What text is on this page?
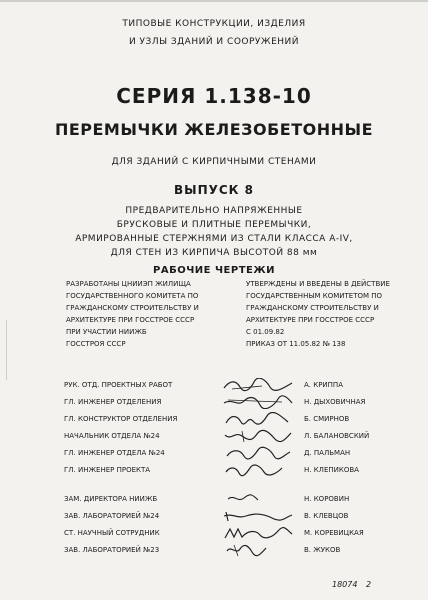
ТИПОВЫЕ КОНСТРУКЦИИ, ИЗДЕЛИЯ
И УЗЛЫ ЗДАНИЙ И СООРУЖЕНИЙ
СЕРИЯ 1.138-10
ПЕРЕМЫЧКИ ЖЕЛЕЗОБЕТОННЫЕ
ДЛЯ ЗДАНИЙ С КИРПИЧНЫМИ СТЕНАМИ
ВЫПУСК 8
ПРЕДВАРИТЕЛЬНО НАПРЯЖЕННЫЕ
БРУСКОВЫЕ И ПЛИТНЫЕ ПЕРЕМЫЧКИ,
АРМИРОВАННЫЕ СТЕРЖНЯМИ ИЗ СТАЛИ КЛАССА А-IV,
ДЛЯ СТЕН ИЗ КИРПИЧА ВЫСОТОЙ 88 мм
РАБОЧИЕ ЧЕРТЕЖИ
РАЗРАБОТАНЫ ЦНИИЭП ЖИЛИЩА
ГОСУДАРСТВЕННОГО КОМИТЕТА ПО
ГРАЖДАНСКОМУ СТРОИТЕЛЬСТВУ И
АРХИТЕКТУРЕ ПРИ ГОССТРОЕ СССР
ПРИ УЧАСТИИ НИИЖБ
ГОССТРОЯ СССР
УТВЕРЖДЕНЫ И ВВЕДЕНЫ В ДЕЙСТВИЕ
ГОСУДАРСТВЕННЫМ КОМИТЕТОМ ПО
ГРАЖДАНСКОМУ СТРОИТЕЛЬСТВУ И
АРХИТЕКТУРЕ ПРИ ГОССТРОЕ СССР
С 01.09.82
ПРИКАЗ ОТ 11.05.82 № 138
РУК. ОТД. ПРОЕКТНЫХ РАБОТ	А. КРИППА
ГЛ. ИНЖЕНЕР ОТДЕЛЕНИЯ	Н. ДЫХОВИЧНАЯ
ГЛ. КОНСТРУКТОР ОТДЕЛЕНИЯ	Б. СМИРНОВ
НАЧАЛЬНИК ОТДЕЛА №24	Л. БАЛАНОВСКИЙ
ГЛ. ИНЖЕНЕР ОТДЕЛА №24	Д. ПАЛЬМАН
ГЛ. ИНЖЕНЕР ПРОЕКТА	Н. КЛЕПИКОВА
ЗАМ. ДИРЕКТОРА НИИЖБ	Н. КОРОВИН
ЗАВ. ЛАБОРАТОРИЕЙ №24	В. КЛЕВЦОВ
СТ. НАУЧНЫЙ СОТРУДНИК	М. КОРЕВИЦКАЯ
ЗАВ. ЛАБОРАТОРИЕЙ №23	В. ЖУКОВ
18074 2
